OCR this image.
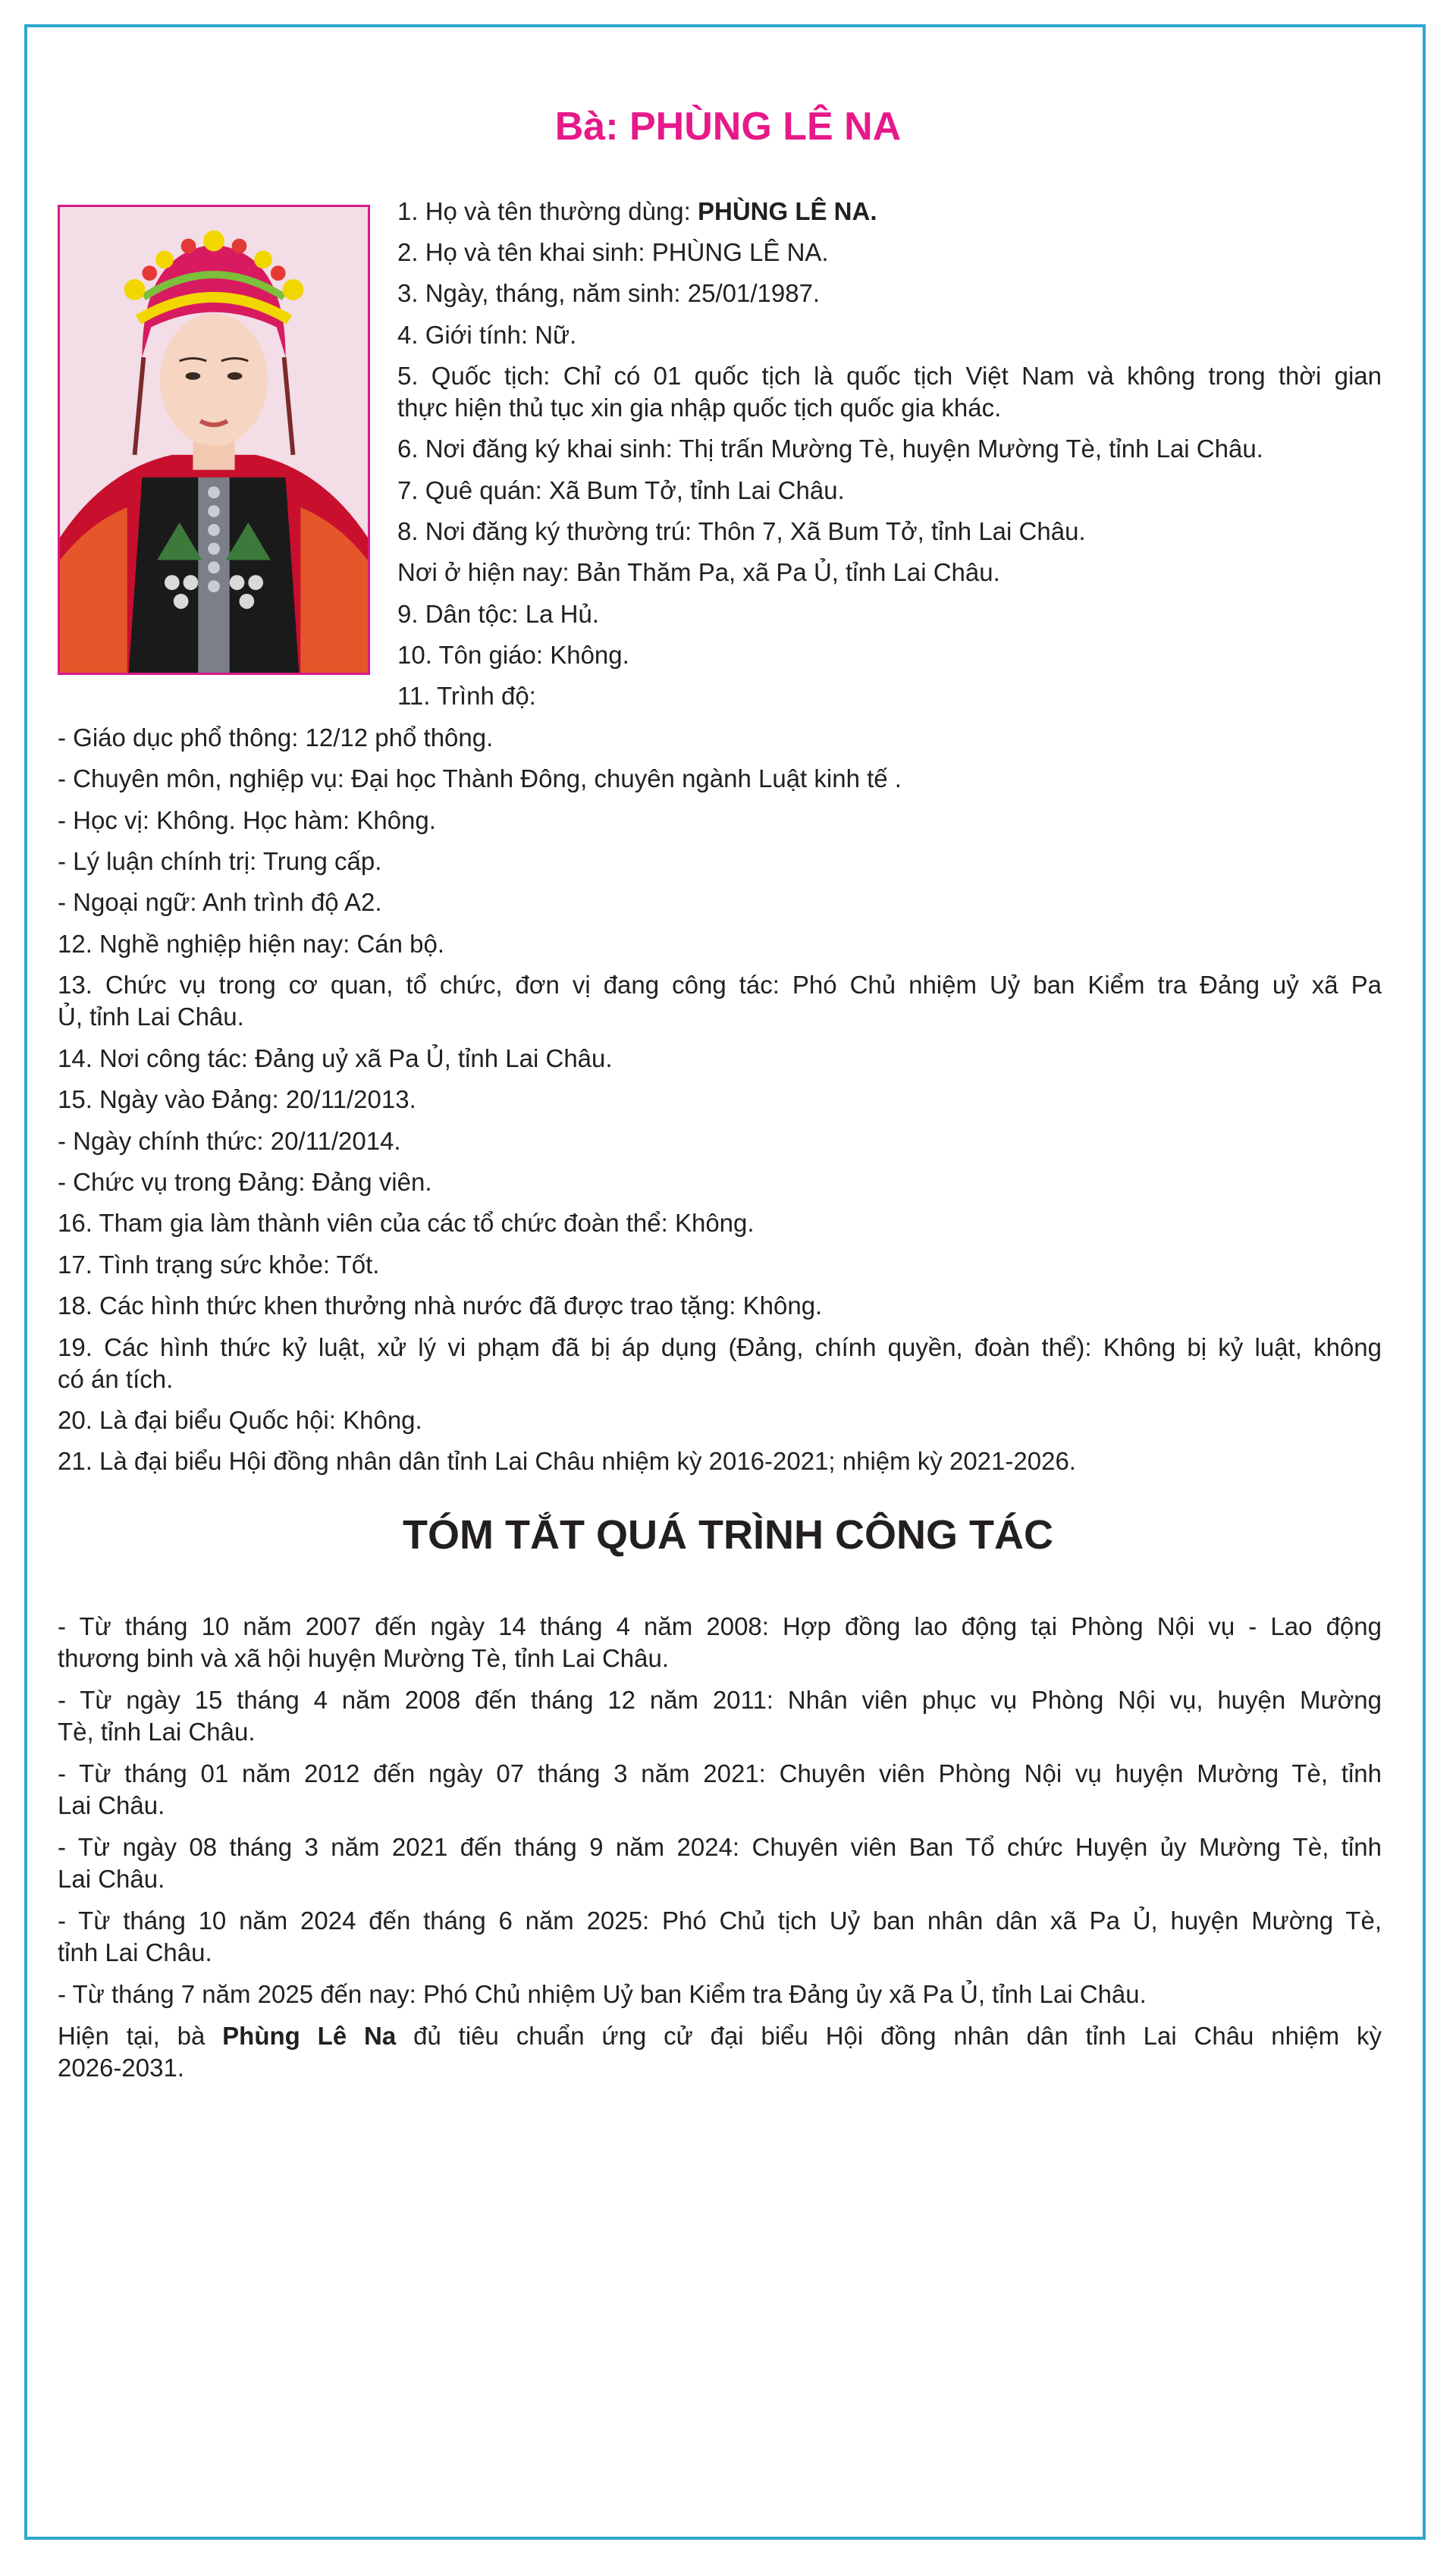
Bà: PHÙNG LÊ NA
1. Họ và tên thường dùng: PHÙNG LÊ NA.
2. Họ và tên khai sinh: PHÙNG LÊ NA.
3. Ngày, tháng, năm sinh: 25/01/1987.
4. Giới tính: Nữ.
5. Quốc tịch: Chỉ có 01 quốc tịch là quốc tịch Việt Nam và không trong thời gian
thực hiện thủ tục xin gia nhập quốc tịch quốc gia khác.
6. Nơi đăng ký khai sinh: Thị trấn Mường Tè, huyện Mường Tè, tỉnh Lai Châu.
7. Quê quán: Xã Bum Tở, tỉnh Lai Châu.
8. Nơi đăng ký thường trú: Thôn 7, Xã Bum Tở, tỉnh Lai Châu.
Nơi ở hiện nay: Bản Thăm Pa, xã Pa Ủ, tỉnh Lai Châu.
9. Dân tộc: La Hủ.
10. Tôn giáo: Không.
11. Trình độ:
- Giáo dục phổ thông: 12/12 phổ thông.
- Chuyên môn, nghiệp vụ: Đại học Thành Đông, chuyên ngành Luật kinh tế .
- Học vị: Không. Học hàm: Không.
- Lý luận chính trị: Trung cấp.
- Ngoại ngữ: Anh trình độ A2.
12. Nghề nghiệp hiện nay: Cán bộ.
13. Chức vụ trong cơ quan, tổ chức, đơn vị đang công tác: Phó Chủ nhiệm Uỷ ban Kiểm tra Đảng uỷ xã Pa
Ủ, tỉnh Lai Châu.
14. Nơi công tác: Đảng uỷ xã Pa Ủ, tỉnh Lai Châu.
15. Ngày vào Đảng: 20/11/2013.
- Ngày chính thức: 20/11/2014.
- Chức vụ trong Đảng: Đảng viên.
16. Tham gia làm thành viên của các tổ chức đoàn thể: Không.
17. Tình trạng sức khỏe: Tốt.
18. Các hình thức khen thưởng nhà nước đã được trao tặng: Không.
19. Các hình thức kỷ luật, xử lý vi phạm đã bị áp dụng (Đảng, chính quyền, đoàn thể): Không bị kỷ luật, không
có án tích.
20. Là đại biểu Quốc hội: Không.
21. Là đại biểu Hội đồng nhân dân tỉnh Lai Châu nhiệm kỳ 2016-2021; nhiệm kỳ 2021-2026.
TÓM TẮT QUÁ TRÌNH CÔNG TÁC
- Từ tháng 10 năm 2007 đến ngày 14 tháng 4 năm 2008: Hợp đồng lao động tại Phòng Nội vụ - Lao động
thương binh và xã hội huyện Mường Tè, tỉnh Lai Châu.
- Từ ngày 15 tháng 4 năm 2008 đến tháng 12 năm 2011: Nhân viên phục vụ Phòng Nội vụ, huyện Mường
Tè, tỉnh Lai Châu.
- Từ tháng 01 năm 2012 đến ngày 07 tháng 3 năm 2021: Chuyên viên Phòng Nội vụ huyện Mường Tè, tỉnh
Lai Châu.
- Từ ngày 08 tháng 3 năm 2021 đến tháng 9 năm 2024: Chuyên viên Ban Tổ chức Huyện ủy Mường Tè, tỉnh
Lai Châu.
- Từ tháng 10 năm 2024 đến tháng 6 năm 2025: Phó Chủ tịch Uỷ ban nhân dân xã Pa Ủ, huyện Mường Tè,
tỉnh Lai Châu.
- Từ tháng 7 năm 2025 đến nay: Phó Chủ nhiệm Uỷ ban Kiểm tra Đảng ủy xã Pa Ủ, tỉnh Lai Châu.
Hiện tại, bà Phùng Lê Na đủ tiêu chuẩn ứng cử đại biểu Hội đồng nhân dân tỉnh Lai Châu nhiệm kỳ
2026-2031.
